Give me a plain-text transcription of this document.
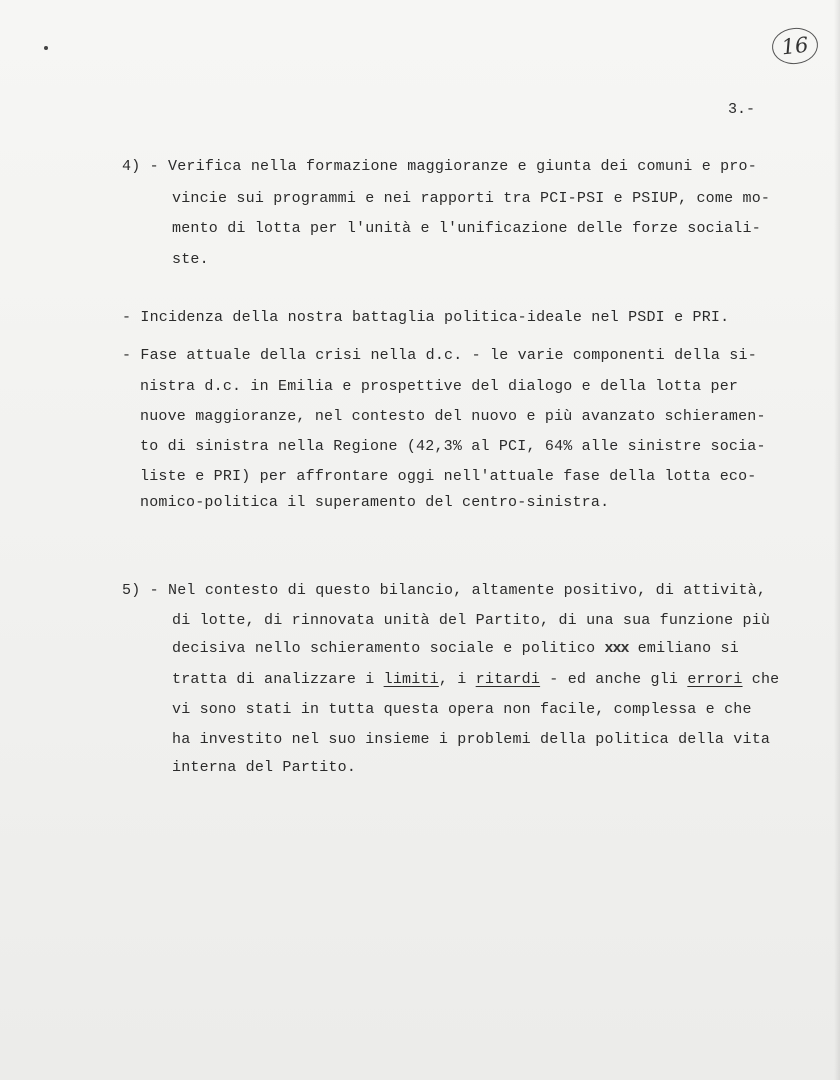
16
3.-
4) - Verifica nella formazione maggioranze e giunta dei comuni e pro-
vincie sui programmi e nei rapporti tra PCI-PSI e PSIUP, come mo-
mento di lotta per l'unità e l'unificazione delle forze sociali-
ste.
- Incidenza della nostra battaglia politica-ideale nel PSDI e PRI.
- Fase attuale della crisi nella d.c. - le varie componenti della si-
nistra d.c. in Emilia e prospettive del dialogo e della lotta per
nuove maggioranze, nel contesto del nuovo e più avanzato schieramen-
to di sinistra nella Regione (42,3% al PCI, 64% alle sinistre socia-
liste e PRI) per affrontare oggi nell'attuale fase della lotta eco-
nomico-politica il superamento del centro-sinistra.
5) - Nel contesto di questo bilancio, altamente positivo, di attività,
di lotte, di rinnovata unità del Partito, di una sua funzione più
decisiva nello schieramento sociale e politico xxx emiliano si
tratta di analizzare i limiti, i ritardi - ed anche gli errori che
vi sono stati in tutta questa opera non facile, complessa e che
ha investito nel suo insieme i problemi della politica della vita
interna del Partito.
